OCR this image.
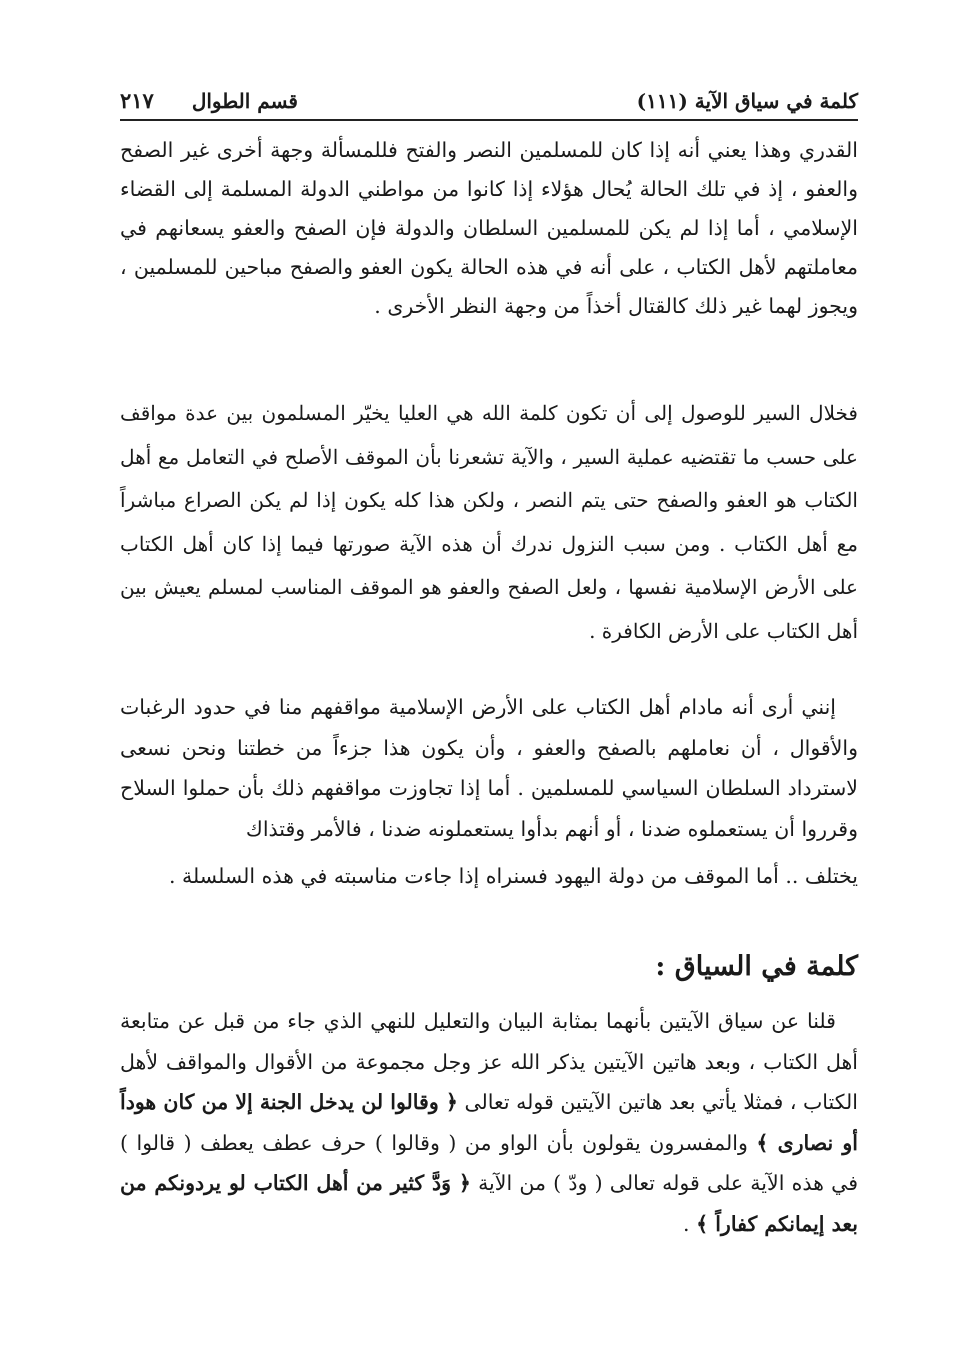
كلمة في سياق الآية (١١١)
قسم الطوال
٢١٧

القدري وهذا يعني أنه إذا كان للمسلمين النصر والفتح فللمسألة وجهة أخرى غير الصفح والعفو ، إذ في تلك الحالة يُحال هؤلاء إذا كانوا من مواطني الدولة المسلمة إلى القضاء الإسلامي ، أما إذا لم يكن للمسلمين السلطان والدولة فإن الصفح والعفو يسعانهم في معاملتهم لأهل الكتاب ، على أنه في هذه الحالة يكون العفو والصفح مباحين للمسلمين ، ويجوز لهما غير ذلك كالقتال أخذاً من وجهة النظر الأخرى .

فخلال السير للوصول إلى أن تكون كلمة الله هي العليا يخيّر المسلمون بين عدة مواقف على حسب ما تقتضيه عملية السير ، والآية تشعرنا بأن الموقف الأصلح في التعامل مع أهل الكتاب هو العفو والصفح حتى يتم النصر ، ولكن هذا كله يكون إذا لم يكن الصراع مباشراً مع أهل الكتاب . ومن سبب النزول ندرك أن هذه الآية صورتها فيما إذا كان أهل الكتاب على الأرض الإسلامية نفسها ، ولعل الصفح والعفو هو الموقف المناسب لمسلم يعيش بين أهل الكتاب على الأرض الكافرة .

إنني أرى أنه مادام أهل الكتاب على الأرض الإسلامية مواقفهم منا في حدود الرغبات والأقوال ، أن نعاملهم بالصفح والعفو ، وأن يكون هذا جزءاً من خطتنا ونحن نسعى لاسترداد السلطان السياسي للمسلمين . أما إذا تجاوزت مواقفهم ذلك بأن حملوا السلاح وقرروا أن يستعملوه ضدنا ، أو أنهم بدأوا يستعملونه ضدنا ، فالأمر وقتذاك

يختلف .. أما الموقف من دولة اليهود فسنراه إذا جاءت مناسبته في هذه السلسلة .

كلمة في السياق :

قلنا عن سياق الآيتين بأنهما بمثابة البيان والتعليل للنهي الذي جاء من قبل عن متابعة أهل الكتاب ، وبعد هاتين الآيتين يذكر الله عز وجل مجموعة من الأقوال والمواقف لأهل الكتاب ، فمثلا يأتي بعد هاتين الآيتين قوله تعالى ﴿ وقالوا لن يدخل الجنة إلا من كان هوداً أو نصارى ﴾ والمفسرون يقولون بأن الواو من ( وقالوا ) حرف عطف يعطف ( قالوا ) في هذه الآية على قوله تعالى ( ودّ ) من الآية ﴿ وَدَّ كثير من أهل الكتاب لو يردونكم من بعد إيمانكم كفاراً ﴾ .
